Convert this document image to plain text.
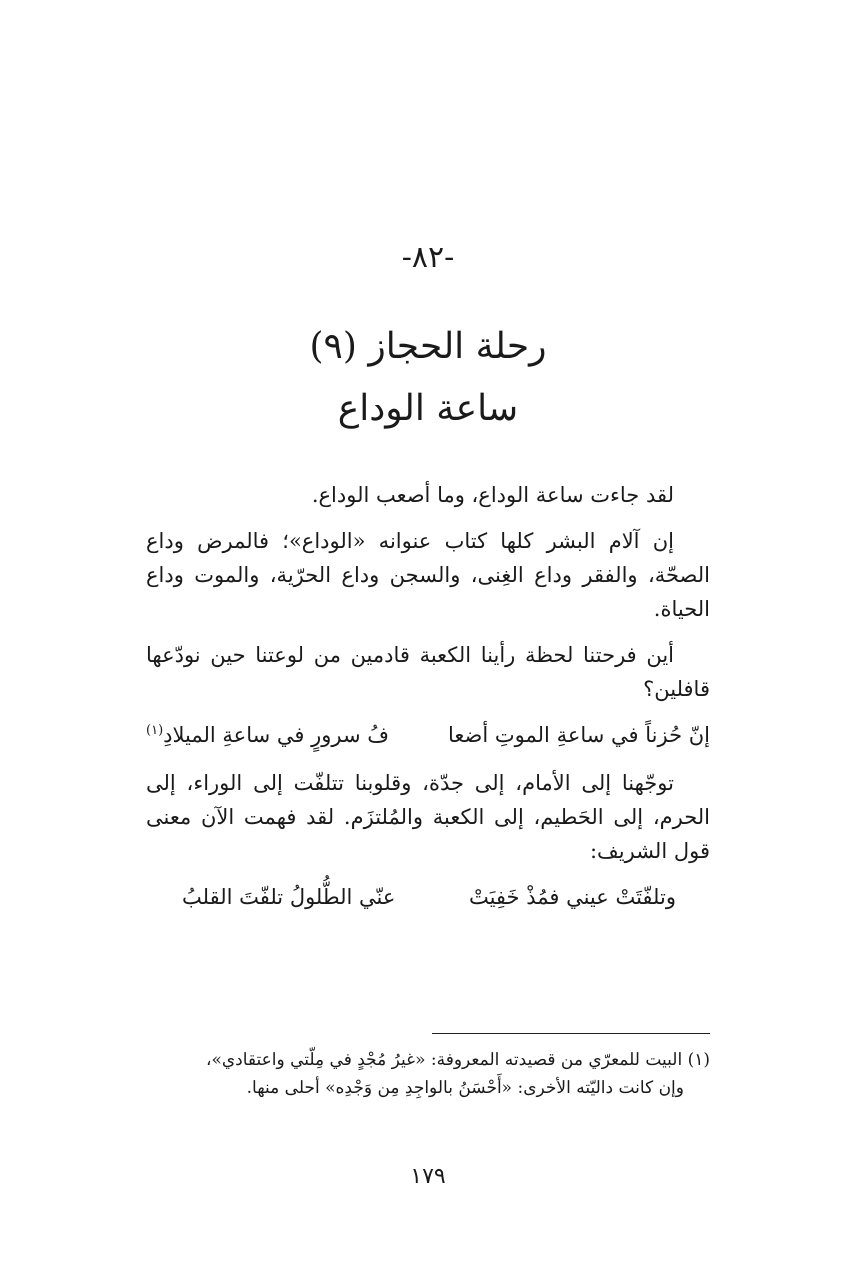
-٨٢-
رحلة الحجاز (٩)
ساعة الوداع

لقد جاءت ساعة الوداع، وما أصعب الوداع.

إن آلام البشر كلها كتاب عنوانه «الوداع»؛ فالمرض وداع الصحّة، والفقر وداع الغِنى، والسجن وداع الحرّية، والموت وداع الحياة.

أين فرحتنا لحظة رأينا الكعبة قادمين من لوعتنا حين نودّعها قافلين؟

إنّ حُزناً في ساعةِ الموتِ أضعا
فُ سرورٍ في ساعةِ الميلادِ$^{(١)}$

توجّهنا إلى الأمام، إلى جدّة، وقلوبنا تتلفّت إلى الوراء، إلى الحرم، إلى الحَطيم، إلى الكعبة والمُلتزَم. لقد فهمت الآن معنى قول الشريف:

وتلفّتَتْ عيني فمُذْ خَفِيَتْ
عنّي الطُّلولُ تلفّتَ القلبُ
(١) البيت للمعرّي من قصيدته المعروفة: «غيرُ مُجْدٍ في مِلّتي واعتقادي»،
وإن كانت داليّته الأخرى: «أَحْسَنُ بالواجِدِ مِن وَجْدِه» أحلى منها.
١٧٩
